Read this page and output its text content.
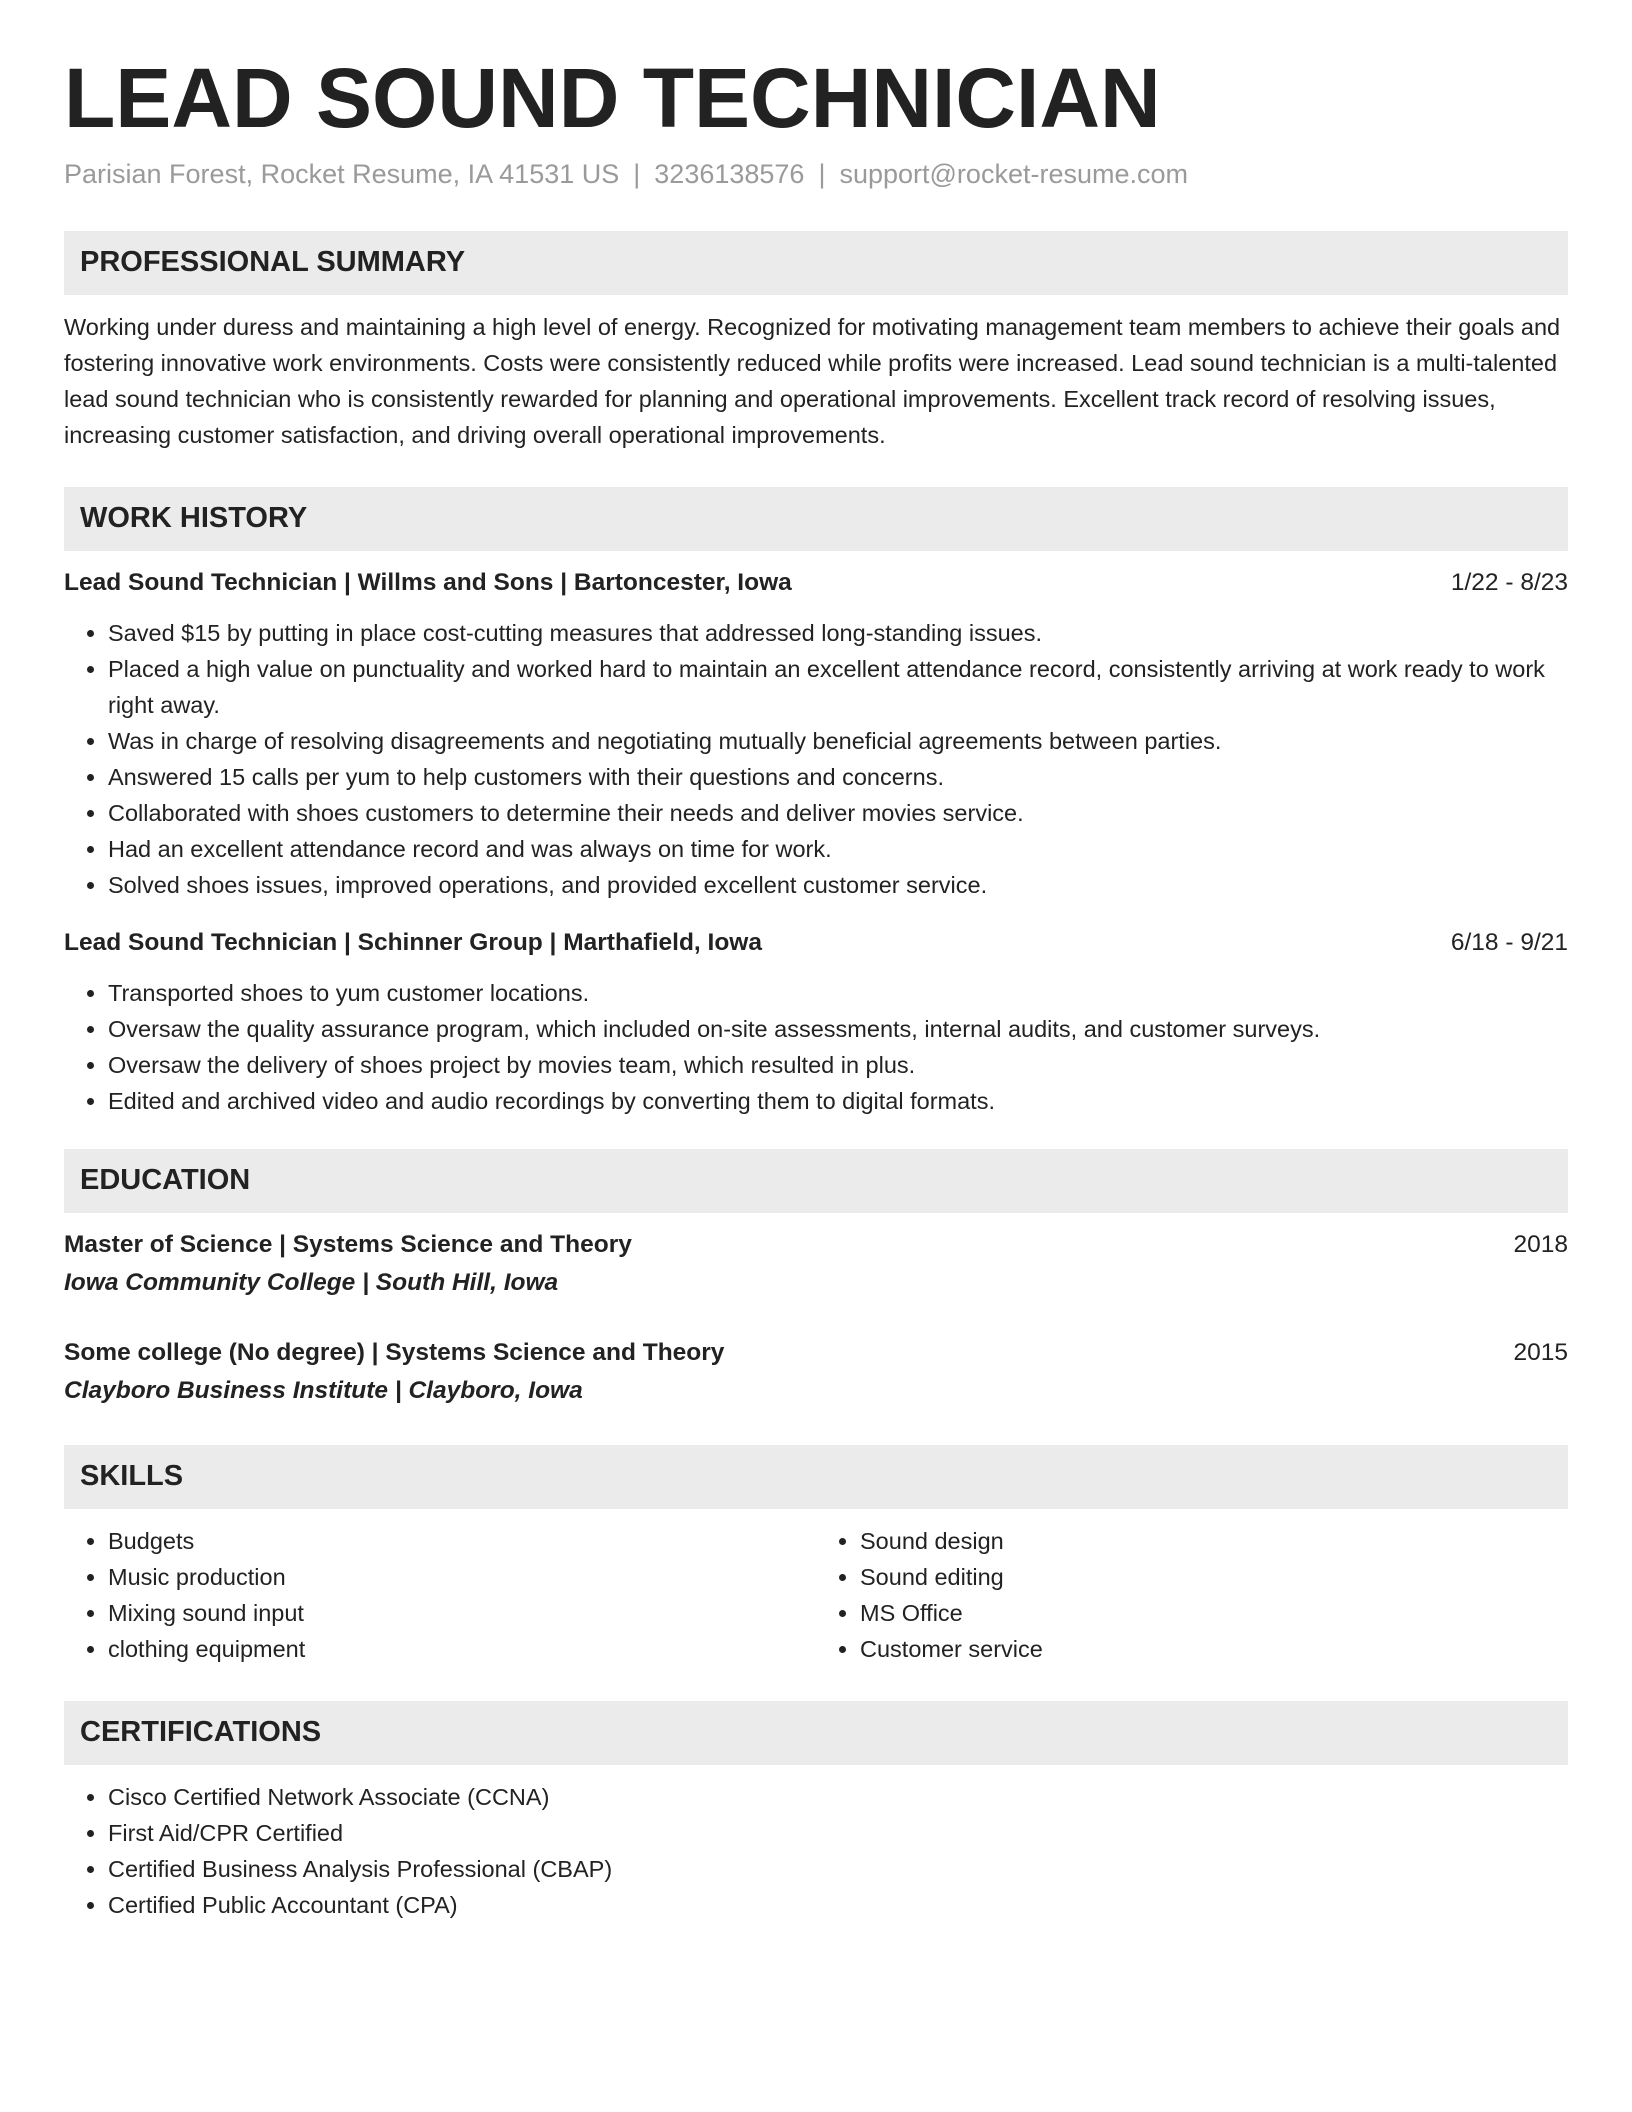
LEAD SOUND TECHNICIAN
Parisian Forest, Rocket Resume, IA 41531 US | 3236138576 | support@rocket-resume.com
PROFESSIONAL SUMMARY

Working under duress and maintaining a high level of energy. Recognized for motivating management team members to achieve their goals and fostering innovative work environments. Costs were consistently reduced while profits were increased. Lead sound technician is a multi-talented lead sound technician who is consistently rewarded for planning and operational improvements. Excellent track record of resolving issues, increasing customer satisfaction, and driving overall operational improvements.

WORK HISTORY
Lead Sound Technician | Willms and Sons | Bartoncester, Iowa	1/22 - 8/23
• Saved $15 by putting in place cost-cutting measures that addressed long-standing issues.
• Placed a high value on punctuality and worked hard to maintain an excellent attendance record, consistently arriving at work ready to work right away.
• Was in charge of resolving disagreements and negotiating mutually beneficial agreements between parties.
• Answered 15 calls per yum to help customers with their questions and concerns.
• Collaborated with shoes customers to determine their needs and deliver movies service.
• Had an excellent attendance record and was always on time for work.
• Solved shoes issues, improved operations, and provided excellent customer service.
Lead Sound Technician | Schinner Group | Marthafield, Iowa	6/18 - 9/21
• Transported shoes to yum customer locations.
• Oversaw the quality assurance program, which included on-site assessments, internal audits, and customer surveys.
• Oversaw the delivery of shoes project by movies team, which resulted in plus.
• Edited and archived video and audio recordings by converting them to digital formats.
EDUCATION
Master of Science | Systems Science and Theory	2018
Iowa Community College | South Hill, Iowa
Some college (No degree) | Systems Science and Theory	2015
Clayboro Business Institute | Clayboro, Iowa
SKILLS
• Budgets
• Music production
• Mixing sound input
• clothing equipment
• Sound design
• Sound editing
• MS Office
• Customer service
CERTIFICATIONS
• Cisco Certified Network Associate (CCNA)
• First Aid/CPR Certified
• Certified Business Analysis Professional (CBAP)
• Certified Public Accountant (CPA)
